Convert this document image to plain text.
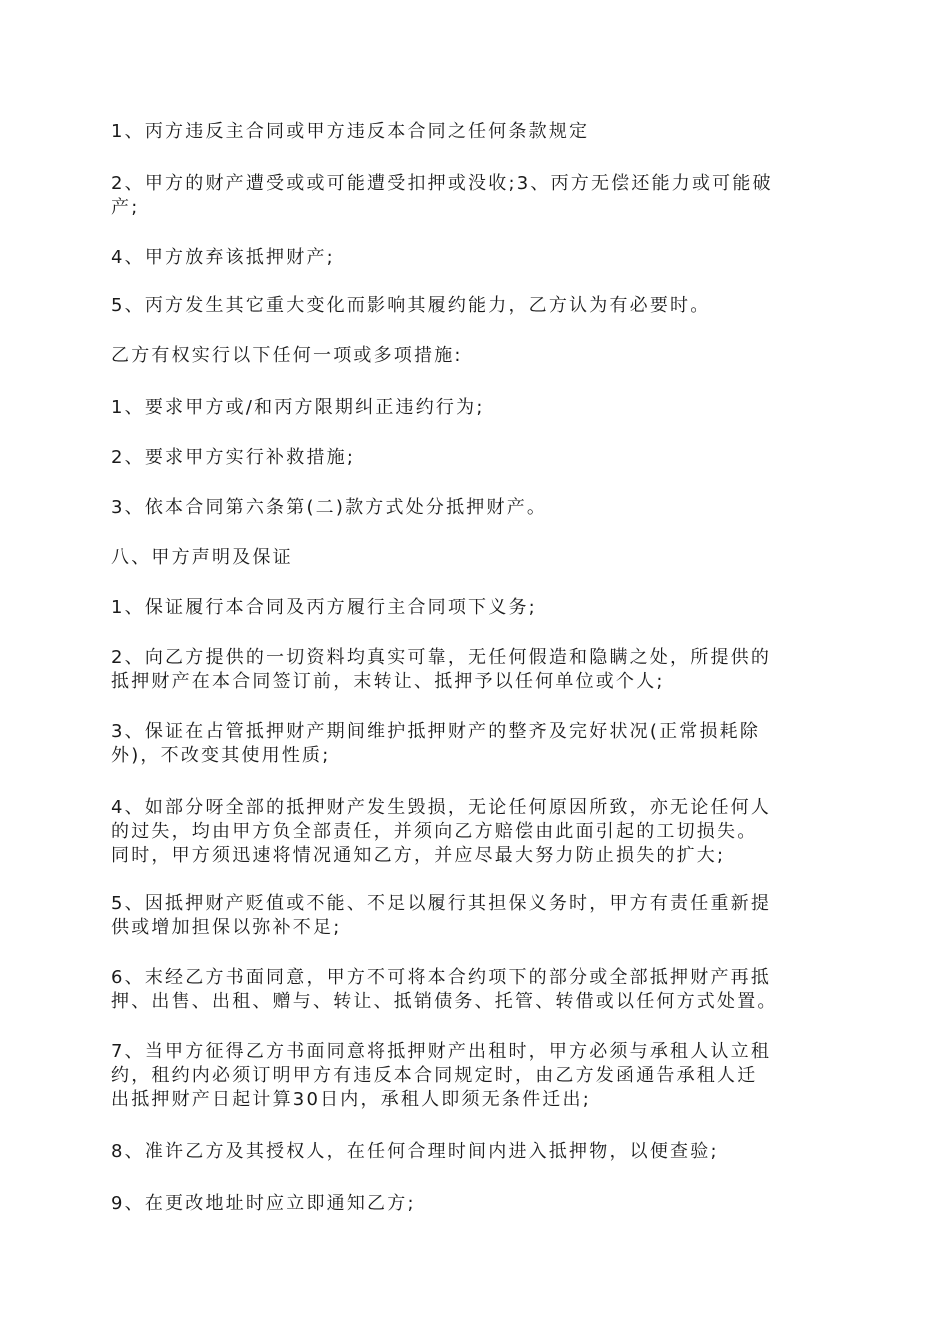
1、丙方违反主合同或甲方违反本合同之任何条款规定

2、甲方的财产遭受或或可能遭受扣押或没收;3、丙方无偿还能力或可能破
产;

4、甲方放弃该抵押财产;

5、丙方发生其它重大变化而影响其履约能力，乙方认为有必要时。

乙方有权实行以下任何一项或多项措施:

1、要求甲方或/和丙方限期纠正违约行为;

2、要求甲方实行补救措施;

3、依本合同第六条第(二)款方式处分抵押财产。

八、甲方声明及保证

1、保证履行本合同及丙方履行主合同项下义务;

2、向乙方提供的一切资料均真实可靠，无任何假造和隐瞒之处，所提供的
抵押财产在本合同签订前，末转让、抵押予以任何单位或个人;

3、保证在占管抵押财产期间维护抵押财产的整齐及完好状况(正常损耗除
外)，不改变其使用性质;

4、如部分呀全部的抵押财产发生毁损，无论任何原因所致，亦无论任何人
的过失，均由甲方负全部责任，并须向乙方赔偿由此面引起的工切损失。
同时，甲方须迅速将情况通知乙方，并应尽最大努力防止损失的扩大;

5、因抵押财产贬值或不能、不足以履行其担保义务时，甲方有责任重新提
供或增加担保以弥补不足;

6、末经乙方书面同意，甲方不可将本合约项下的部分或全部抵押财产再抵
押、出售、出租、赠与、转让、抵销债务、托管、转借或以任何方式处置。

7、当甲方征得乙方书面同意将抵押财产出租时，甲方必须与承租人认立租
约，租约内必须订明甲方有违反本合同规定时，由乙方发函通告承租人迁
出抵押财产日起计算30日内，承租人即须无条件迁出;

8、准许乙方及其授权人，在任何合理时间内进入抵押物，以便查验;

9、在更改地址时应立即通知乙方;
